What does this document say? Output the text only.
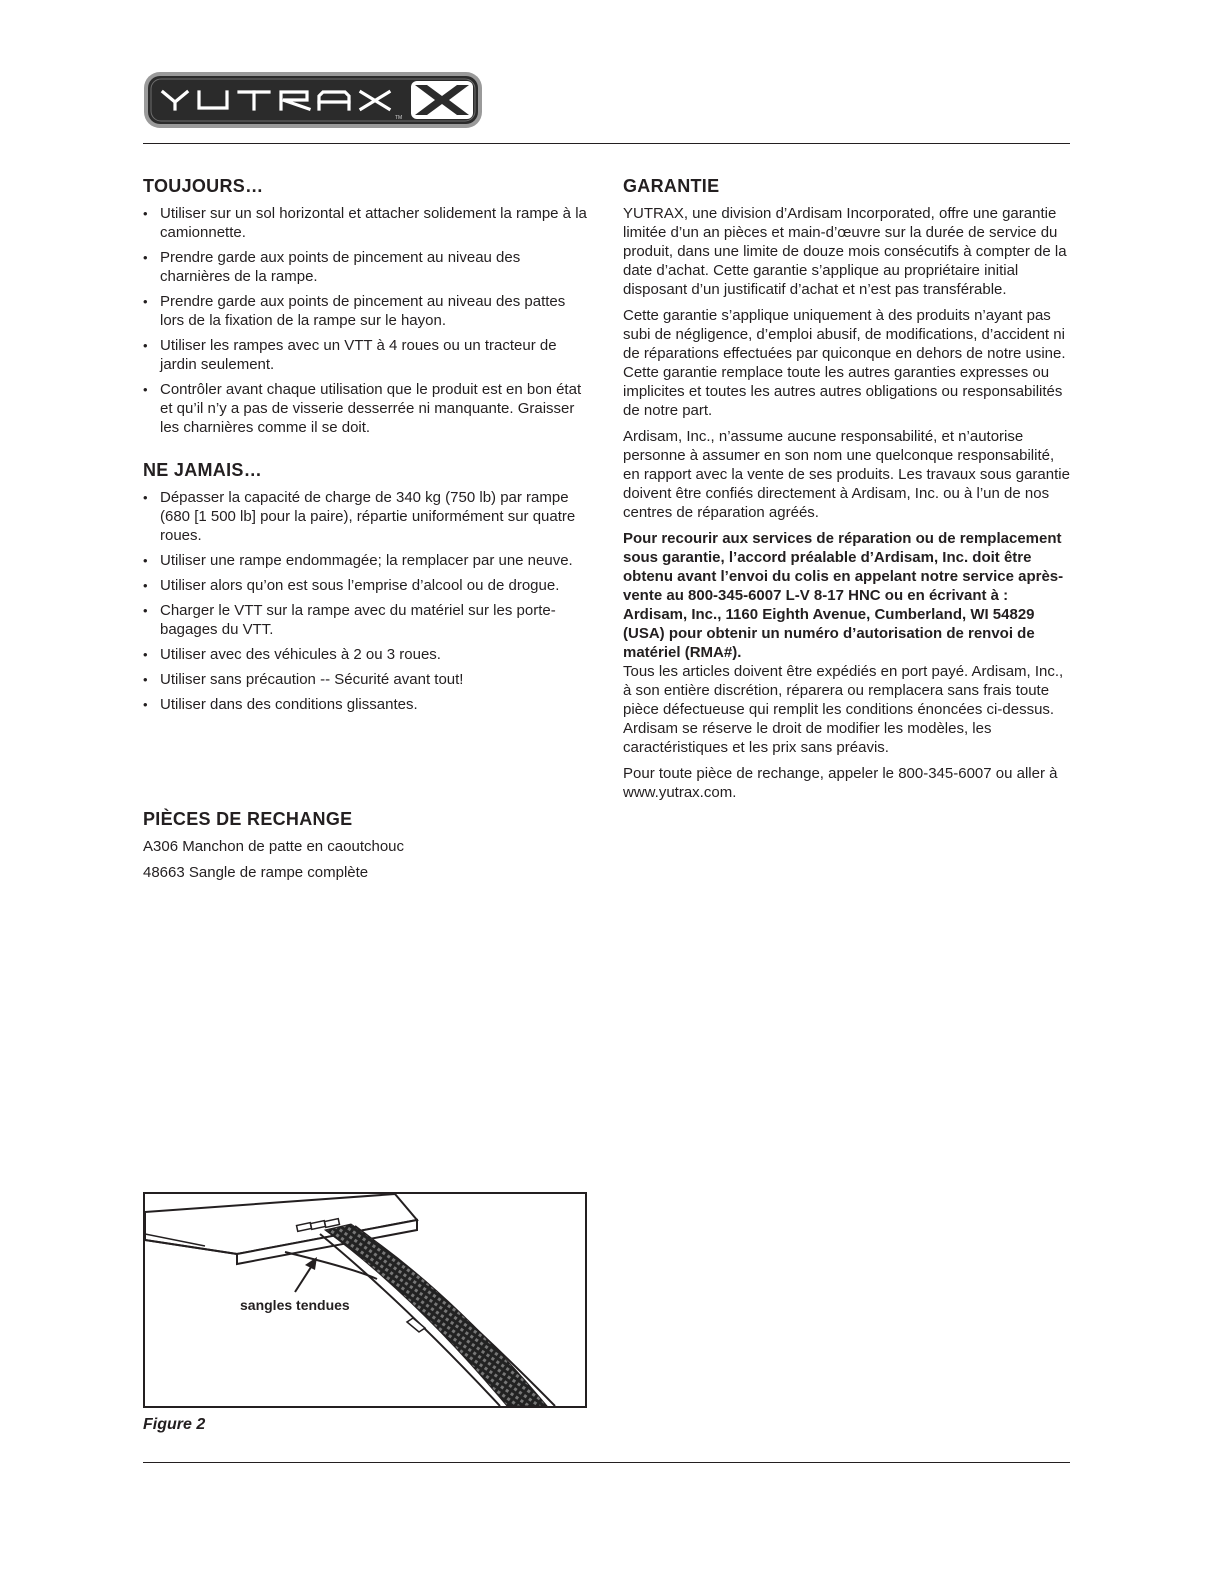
TM
YUTRAX
TOUJOURS…
• Utiliser sur un sol horizontal et attacher solidement la rampe à la camionnette.
• Prendre garde aux points de pincement au niveau des charnières de la rampe.
• Prendre garde aux points de pincement au niveau des pattes lors de la fixation de la rampe sur le hayon.
• Utiliser les rampes avec un VTT à 4 roues ou un tracteur de jardin seulement.
• Contrôler avant chaque utilisation que le produit est en bon état et qu’il n’y a pas de visserie desserrée ni manquante. Graisser les charnières comme il se doit.
NE JAMAIS…
• Dépasser la capacité de charge de 340 kg (750 lb) par rampe (680 [1 500 lb] pour la paire), répartie uniformément sur quatre roues.
• Utiliser une rampe endommagée; la remplacer par une neuve.
• Utiliser alors qu’on est sous l’emprise d’alcool ou de drogue.
• Charger le VTT sur la rampe avec du matériel sur les porte-bagages du VTT.
• Utiliser avec des véhicules à 2 ou 3 roues.
• Utiliser sans précaution -- Sécurité avant tout!
• Utiliser dans des conditions glissantes.
PIÈCES DE RECHANGE

A306 Manchon de patte en caoutchouc

48663 Sangle de rampe complète

GARANTIE

YUTRAX, une division d’Ardisam Incorporated, offre une garantie limitée d’un an pièces et main-d’œuvre sur la durée de service du produit, dans une limite de douze mois consécutifs à compter de la date d’achat. Cette garantie s’applique au propriétaire initial disposant d’un justificatif d’achat et n’est pas transférable.

Cette garantie s’applique uniquement à des produits n’ayant pas subi de négligence, d’emploi abusif, de modifications, d’accident ni de réparations effectuées par quiconque en dehors de notre usine. Cette garantie remplace toute les autres garanties expresses ou implicites et toutes les autres autres obligations ou responsabilités de notre part.

Ardisam, Inc., n’assume aucune responsabilité, et n’autorise personne à assumer en son nom une quelconque responsabilité, en rapport avec la vente de ses produits. Les travaux sous garantie doivent être confiés directement à Ardisam, Inc. ou à l’un de nos centres de réparation agréés.

Pour recourir aux services de réparation ou de remplacement sous garantie, l’accord préalable d’Ardisam, Inc. doit être obtenu avant l’envoi du colis en appelant notre service après-vente au 800-345-6007 L-V 8-17 HNC ou en écrivant à : Ardisam, Inc., 1160 Eighth Avenue, Cumberland, WI 54829 (USA) pour obtenir un numéro d’autorisation de renvoi de matériel (RMA#).

Tous les articles doivent être expédiés en port payé. Ardisam, Inc., à son entière discrétion, réparera ou remplacera sans frais toute pièce défectueuse qui remplit les conditions énoncées ci-dessus. Ardisam se réserve le droit de modifier les modèles, les caractéristiques et les prix sans préavis.

Pour toute pièce de rechange, appeler le 800-345-6007 ou aller à www.yutrax.com.

sangles tendues
Figure 2
